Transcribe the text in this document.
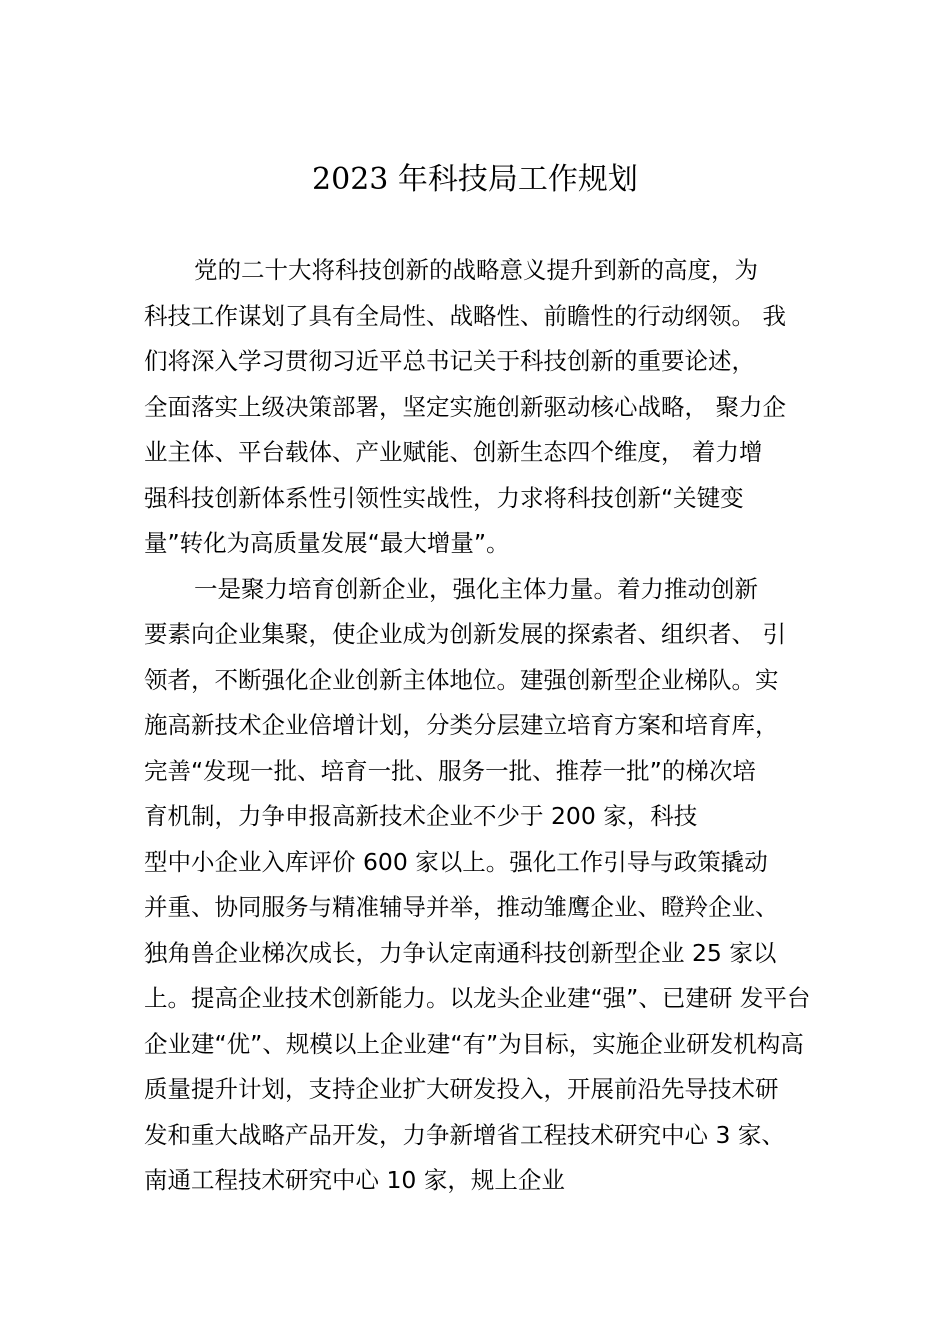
2023 年科技局工作规划
党的二十大将科技创新的战略意义提升到新的高度，为
科技工作谋划了具有全局性、战略性、前瞻性的行动纲领。 我
们将深入学习贯彻习近平总书记关于科技创新的重要论述，
全面落实上级决策部署，坚定实施创新驱动核心战略， 聚力企
业主体、平台载体、产业赋能、创新生态四个维度， 着力增
强科技创新体系性引领性实战性，力求将科技创新“关键变
量”转化为高质量发展“最大增量”。
一是聚力培育创新企业，强化主体力量。着力推动创新
要素向企业集聚，使企业成为创新发展的探索者、组织者、 引
领者，不断强化企业创新主体地位。建强创新型企业梯队。实
施高新技术企业倍增计划，分类分层建立培育方案和培育库，
完善“发现一批、培育一批、服务一批、推荐一批”的梯次培
育机制，力争申报高新技术企业不少于 200 家，科技
型中小企业入库评价 600 家以上。强化工作引导与政策撬动
并重、协同服务与精准辅导并举，推动雏鹰企业、瞪羚企业、
独角兽企业梯次成长，力争认定南通科技创新型企业 25 家以
上。提高企业技术创新能力。以龙头企业建“强”、已建研 发平台
企业建“优”、规模以上企业建“有”为目标，实施企业研发机构高
质量提升计划，支持企业扩大研发投入，开展前沿先导技术研
发和重大战略产品开发，力争新增省工程技术研究中心 3 家、
南通工程技术研究中心 10 家，规上企业
